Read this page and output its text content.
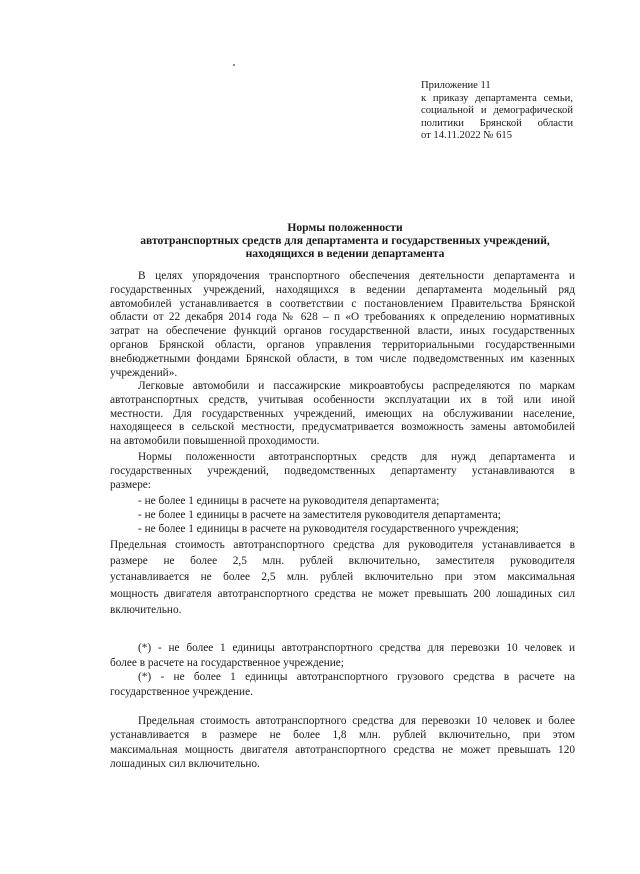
Приложение 11
к приказу департамента семьи,
социальной и демографической
политики Брянской области
от 14.11.2022 № 615
Нормы положенности
автотранспортных средств для департамента и государственных учреждений,
находящихся в ведении департамента
В целях упорядочения транспортного обеспечения деятельности департамента и
государственных учреждений, находящихся в ведении департамента модельный ряд
автомобилей устанавливается в соответствии с постановлением Правительства Брянской
области от 22 декабря 2014 года № 628 – п «О требованиях к определению нормативных
затрат на обеспечение функций органов государственной власти, иных государственных
органов Брянской области, органов управления территориальными государственными
внебюджетными фондами Брянской области, в том числе подведомственных им казенных
учреждений».
Легковые автомобили и пассажирские микроавтобусы распределяются по маркам
автотранспортных средств, учитывая особенности эксплуатации их в той или иной
местности. Для государственных учреждений, имеющих на обслуживании население,
находящееся в сельской местности, предусматривается возможность замены автомобилей
на автомобили повышенной проходимости.
Нормы положенности автотранспортных средств для нужд департамента и
государственных учреждений, подведомственных департаменту устанавливаются в
размере:
- не более 1 единицы в расчете на руководителя департамента;
- не более 1 единицы в расчете на заместителя руководителя департамента;
- не более 1 единицы в расчете на руководителя государственного учреждения;
Предельная стоимость автотранспортного средства для руководителя устанавливается в
размере не более 2,5 млн. рублей включительно, заместителя руководителя
устанавливается не более 2,5 млн. рублей включительно при этом максимальная
мощность двигателя автотранспортного средства не может превышать 200 лошадиных сил
включительно.
(*) - не более 1 единицы автотранспортного средства для перевозки 10 человек и
более в расчете на государственное учреждение;
(*) - не более 1 единицы автотранспортного грузового средства в расчете на
государственное учреждение.
Предельная стоимость автотранспортного средства для перевозки 10 человек и более
устанавливается в размере не более 1,8 млн. рублей включительно, при этом
максимальная мощность двигателя автотранспортного средства не может превышать 120
лошадиных сил включительно.
